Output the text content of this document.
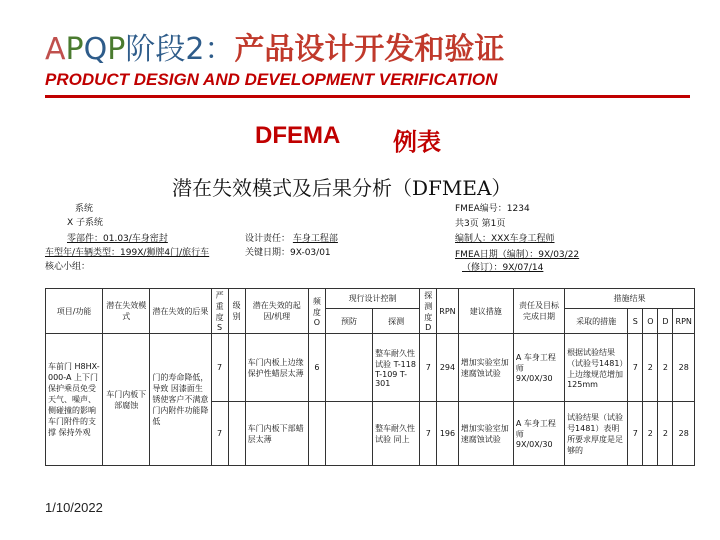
APQP阶段2：产品设计开发和验证
PRODUCT DESIGN AND DEVELOPMENT VERIFICATION
DFEMA 例表
潜在失效模式及后果分析（DFMEA）
系统
X 子系统
零部件：01.03/车身密封
车型年/车辆类型：199X/狮牌4门/旅行车
核心小组：
设计责任： 车身工程部
关键日期：9X-03/01
FMEA编号：1234
共3页 第1页
编制人：XXX车身工程师
FMEA日期（编制）：9X/03/22
（修订）：9X/07/14
项目/功能	潜在失效模式	潜在失效的后果	严重度S	级别	潜在失效的起因/机理	频度O	现行设计控制		探测度D	RPN	建议措施	责任及目标完成日期	措施结果				
							预防	探测					采取的措施	S	O	D	RPN
车前门 H8HX-000-A 上下门 保护乘员免受天气、噪声、侧碰撞的影响 车门附件的支撑 保持外观	车门内板下部腐蚀	门的寿命降低，导致 因漆面生锈使客户不满意 门内附件功能降低	7		车门内板上边缘保护性蜡层太薄	6		整车耐久性试验 T-118 T-109 T-301	7	294	增加实验室加速腐蚀试验	A 车身工程师 9X/0X/30	根据试验结果（试验号1481）上边缘规范增加 125mm	7	2	2	28
			7		车门内板下部蜡层太薄			整车耐久性试验 同上	7	196	增加实验室加速腐蚀试验	A 车身工程师 9X/0X/30	试验结果（试验号1481）表明所要求厚度是足够的	7	2	2	28
1/10/2022
